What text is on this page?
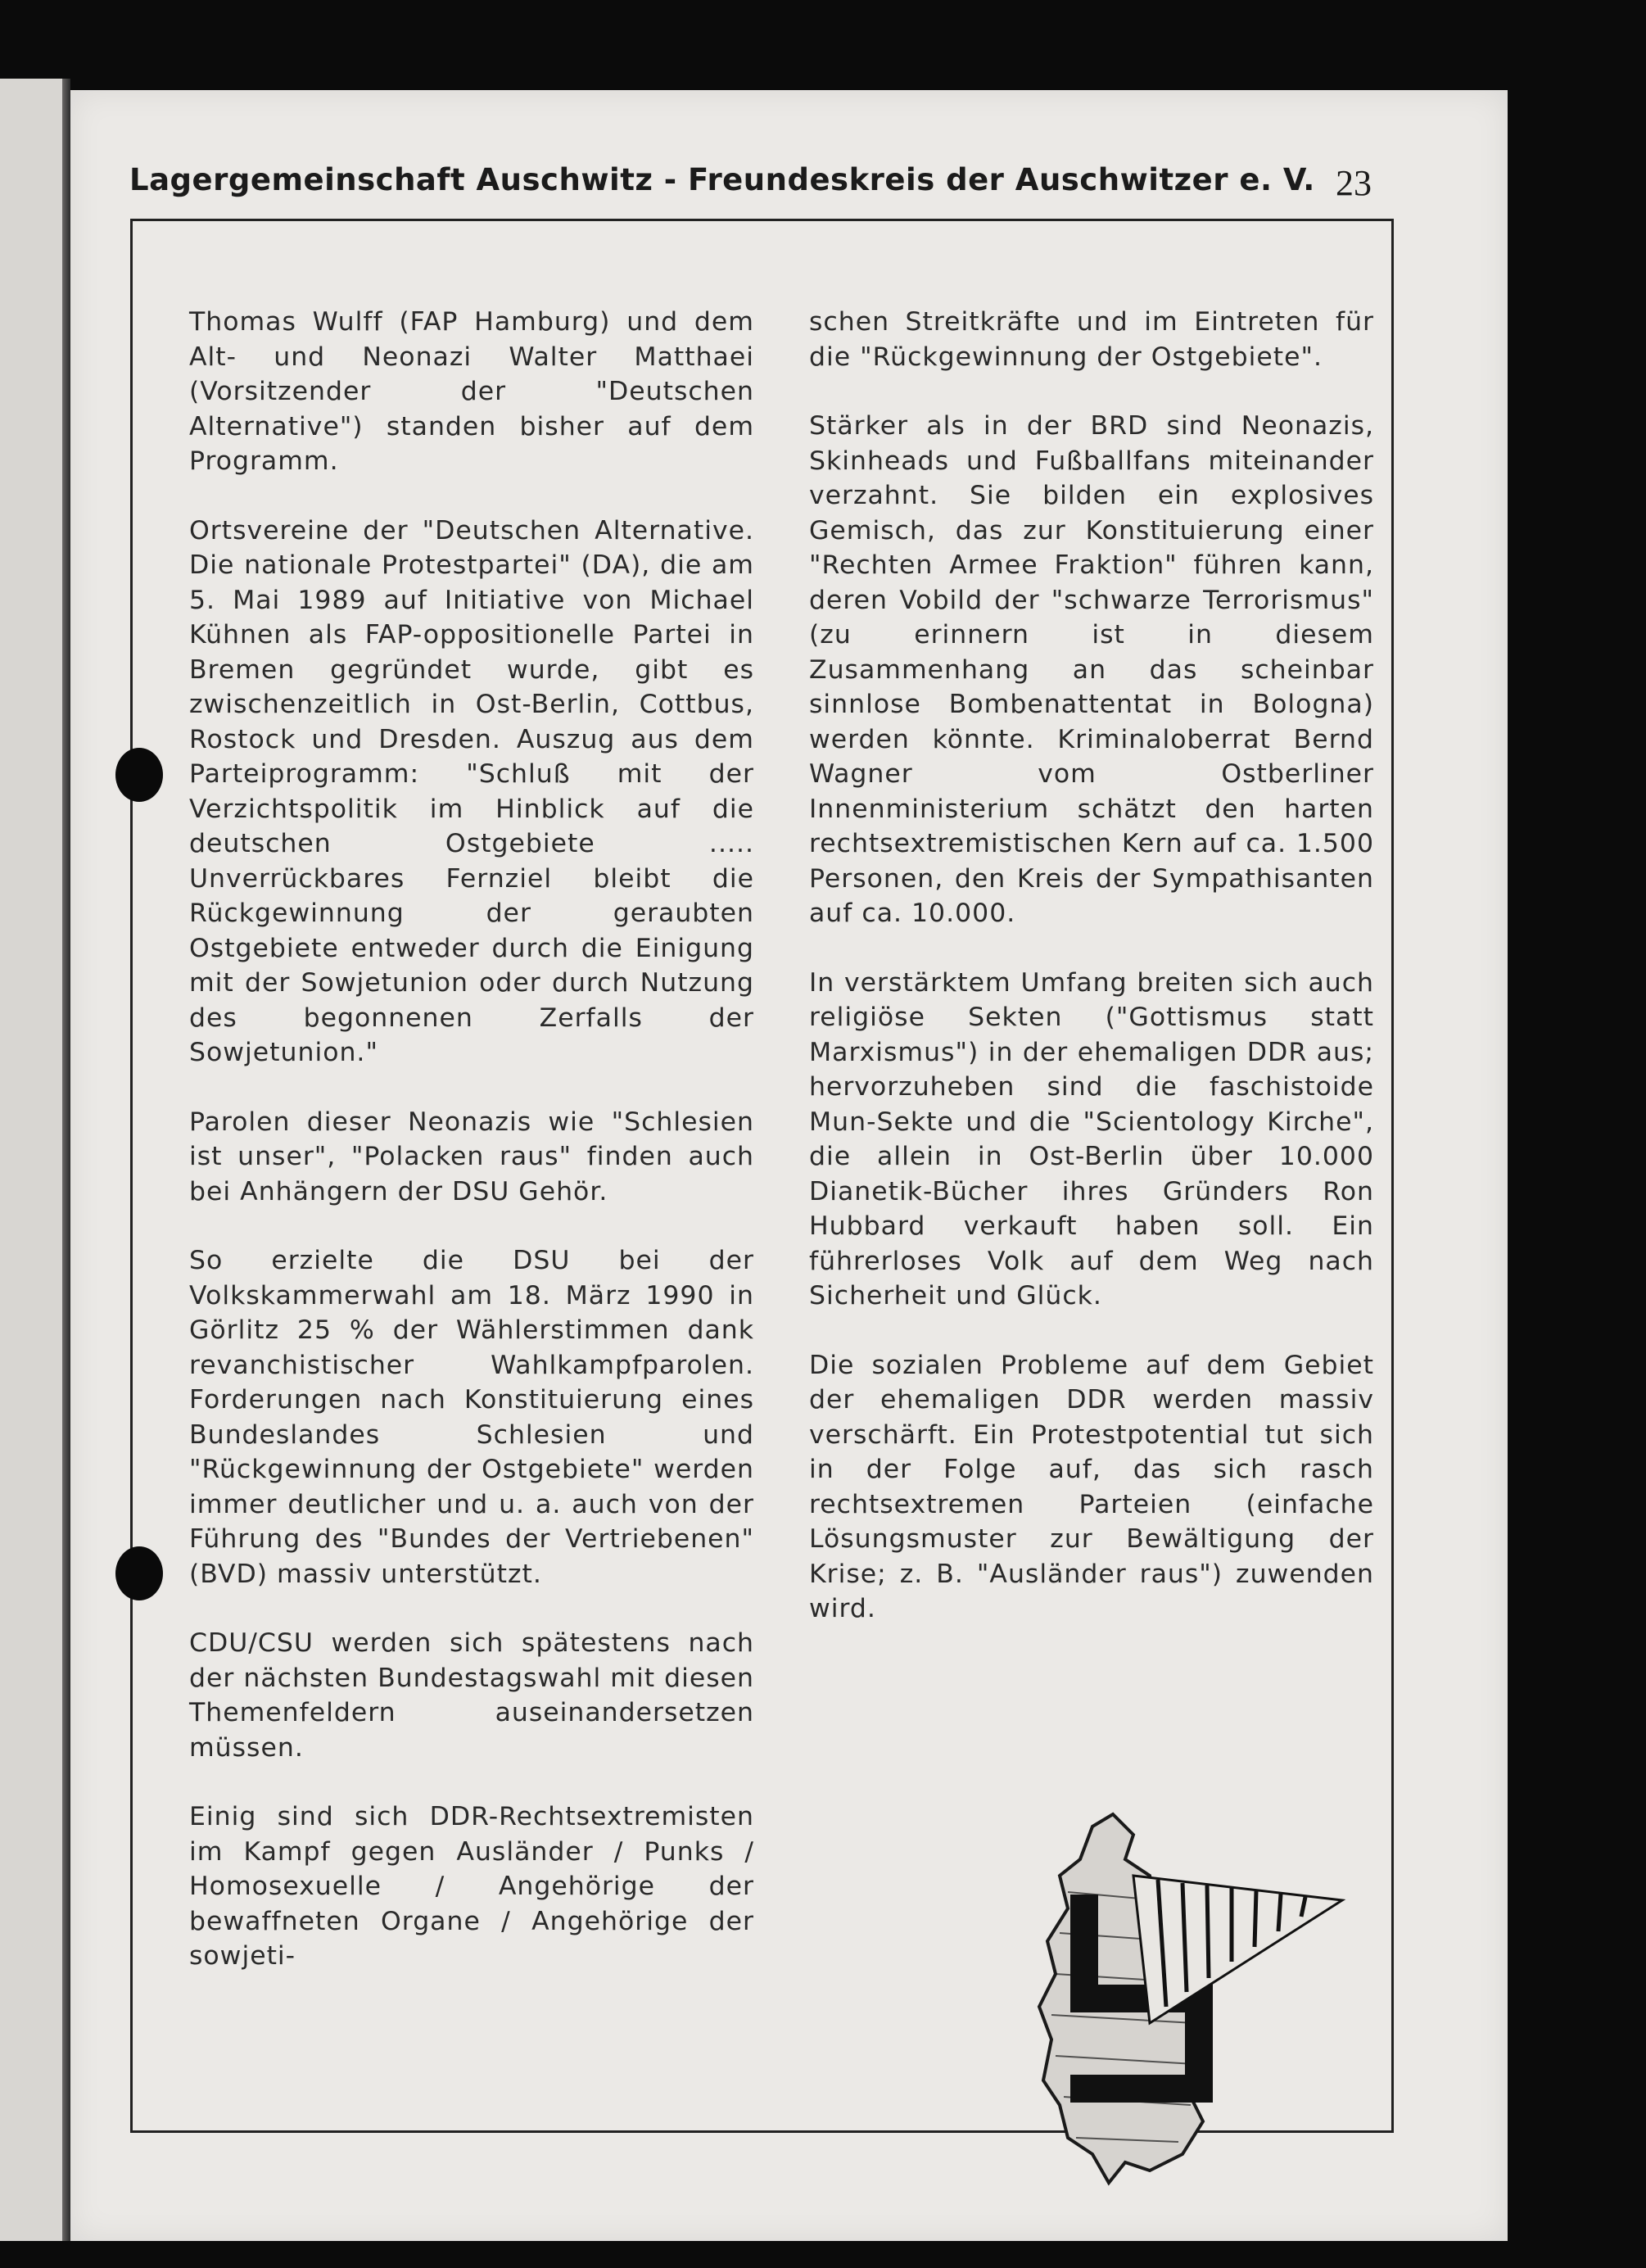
Lagergemeinschaft Auschwitz - Freundeskreis der Auschwitzer e. V. 23

Thomas Wulff (FAP Hamburg) und dem Alt- und Neonazi Walter Matthaei (Vorsitzender der "Deutschen Alternative") standen bisher auf dem Programm.

Ortsvereine der "Deutschen Alternative. Die nationale Protestpartei" (DA), die am 5. Mai 1989 auf Initiative von Michael Kühnen als FAP-oppositionelle Partei in Bremen gegründet wurde, gibt es zwischenzeitlich in Ost-Berlin, Cottbus, Rostock und Dresden. Auszug aus dem Parteiprogramm: "Schluß mit der Verzichtspolitik im Hinblick auf die deutschen Ostgebiete ..... Unverrückbares Fernziel bleibt die Rückgewinnung der geraubten Ostgebiete entweder durch die Einigung mit der Sowjetunion oder durch Nutzung des begonnenen Zerfalls der Sowjetunion."

Parolen dieser Neonazis wie "Schlesien ist unser", "Polacken raus" finden auch bei Anhängern der DSU Gehör.

So erzielte die DSU bei der Volkskammerwahl am 18. März 1990 in Görlitz 25 % der Wählerstimmen dank revanchistischer Wahlkampfparolen. Forderungen nach Konstituierung eines Bundeslandes Schlesien und "Rückgewinnung der Ostgebiete" werden immer deutlicher und u. a. auch von der Führung des "Bundes der Vertriebenen" (BVD) massiv unterstützt.

CDU/CSU werden sich spätestens nach der nächsten Bundestagswahl mit diesen Themenfeldern auseinandersetzen müssen.

Einig sind sich DDR-Rechtsextremisten im Kampf gegen Ausländer / Punks / Homosexuelle / Angehörige der bewaffneten Organe / Angehörige der sowjeti-

schen Streitkräfte und im Eintreten für die "Rückgewinnung der Ostgebiete".

Stärker als in der BRD sind Neonazis, Skinheads und Fußballfans miteinander verzahnt. Sie bilden ein explosives Gemisch, das zur Konstituierung einer "Rechten Armee Fraktion" führen kann, deren Vobild der "schwarze Terrorismus" (zu erinnern ist in diesem Zusammenhang an das scheinbar sinnlose Bombenattentat in Bologna) werden könnte. Kriminaloberrat Bernd Wagner vom Ostberliner Innenministerium schätzt den harten rechtsextremistischen Kern auf ca. 1.500 Personen, den Kreis der Sympathisanten auf ca. 10.000.

In verstärktem Umfang breiten sich auch religiöse Sekten ("Gottismus statt Marxismus") in der ehemaligen DDR aus; hervorzuheben sind die faschistoide Mun-Sekte und die "Scientology Kirche", die allein in Ost-Berlin über 10.000 Dianetik-Bücher ihres Gründers Ron Hubbard verkauft haben soll. Ein führerloses Volk auf dem Weg nach Sicherheit und Glück.

Die sozialen Probleme auf dem Gebiet der ehemaligen DDR werden massiv verschärft. Ein Protestpotential tut sich in der Folge auf, das sich rasch rechtsextremen Parteien (einfache Lösungsmuster zur Bewältigung der Krise; z. B. "Ausländer raus") zuwenden wird.
